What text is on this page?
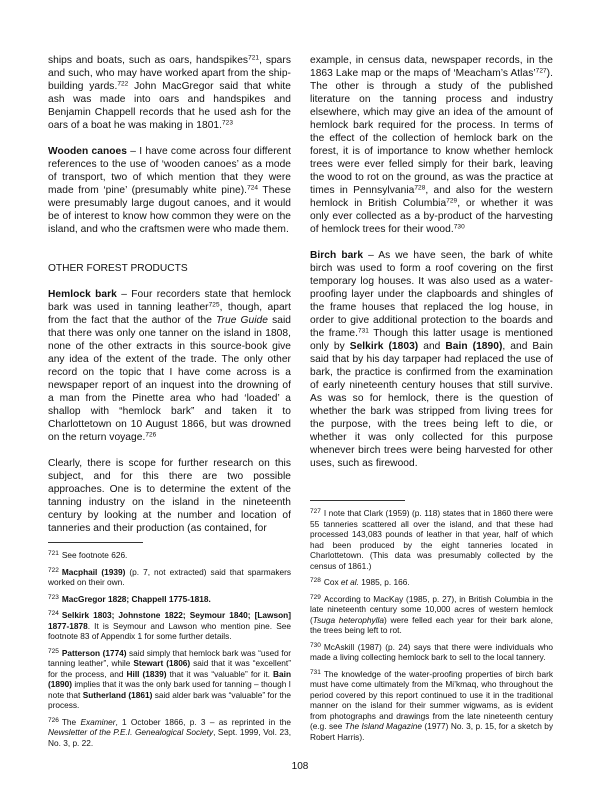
ships and boats, such as oars, handspikes$^{721}$, spars and such, who may have worked apart from the ship-building yards.$^{722}$ John MacGregor said that white ash was made into oars and handspikes and Benjamin Chappell records that he used ash for the oars of a boat he was making in 1801.$^{723}$

Wooden canoes – I have come across four different references to the use of ‘wooden canoes’ as a mode of transport, two of which mention that they were made from ‘pine’ (presumably white pine).$^{724}$ These were presumably large dugout canoes, and it would be of interest to know how common they were on the island, and who the craftsmen were who made them.

OTHER FOREST PRODUCTS

Hemlock bark – Four recorders state that hemlock bark was used in tanning leather$^{725}$, though, apart from the fact that the author of the True Guide said that there was only one tanner on the island in 1808, none of the other extracts in this source-book give any idea of the extent of the trade. The only other record on the topic that I have come across is a newspaper report of an inquest into the drowning of a man from the Pinette area who had ‘loaded’ a shallop with “hemlock bark” and taken it to Charlottetown on 10 August 1866, but was drowned on the return voyage.$^{726}$

Clearly, there is scope for further research on this subject, and for this there are two possible approaches. One is to determine the extent of the tanning industry on the island in the nineteenth century by looking at the number and location of tanneries and their production (as contained, for

$^{721}$ See footnote 626.

$^{722}$ Macphail (1939) (p. 7, not extracted) said that sparmakers worked on their own.

$^{723}$ MacGregor 1828; Chappell 1775-1818.

$^{724}$ Selkirk 1803; Johnstone 1822; Seymour 1840; [Lawson] 1877-1878. It is Seymour and Lawson who mention pine. See footnote 83 of Appendix 1 for some further details.

$^{725}$ Patterson (1774) said simply that hemlock bark was “used for tanning leather”, while Stewart (1806) said that it was “excellent” for the process, and Hill (1839) that it was “valuable” for it. Bain (1890) implies that it was the only bark used for tanning – though I note that Sutherland (1861) said alder bark was “valuable” for the process.

$^{726}$ The Examiner, 1 October 1866, p. 3 – as reprinted in the Newsletter of the P.E.I. Genealogical Society, Sept. 1999, Vol. 23, No. 3, p. 22.

example, in census data, newspaper records, in the 1863 Lake map or the maps of ‘Meacham’s Atlas’$^{727}$). The other is through a study of the published literature on the tanning process and industry elsewhere, which may give an idea of the amount of hemlock bark required for the process. In terms of the effect of the collection of hemlock bark on the forest, it is of importance to know whether hemlock trees were ever felled simply for their bark, leaving the wood to rot on the ground, as was the practice at times in Pennsylvania$^{728}$, and also for the western hemlock in British Columbia$^{729}$, or whether it was only ever collected as a by-product of the harvesting of hemlock trees for their wood.$^{730}$

Birch bark – As we have seen, the bark of white birch was used to form a roof covering on the first temporary log houses. It was also used as a water-proofing layer under the clapboards and shingles of the frame houses that replaced the log house, in order to give additional protection to the boards and the frame.$^{731}$ Though this latter usage is mentioned only by Selkirk (1803) and Bain (1890), and Bain said that by his day tarpaper had replaced the use of bark, the practice is confirmed from the examination of early nineteenth century houses that still survive. As was so for hemlock, there is the question of whether the bark was stripped from living trees for the purpose, with the trees being left to die, or whether it was only collected for this purpose whenever birch trees were being harvested for other uses, such as firewood.

$^{727}$ I note that Clark (1959) (p. 118) states that in 1860 there were 55 tanneries scattered all over the island, and that these had processed 143,083 pounds of leather in that year, half of which had been produced by the eight tanneries located in Charlottetown. (This data was presumably collected by the census of 1861.)

$^{728}$ Cox et al. 1985, p. 166.

$^{729}$ According to MacKay (1985, p. 27), in British Columbia in the late nineteenth century some 10,000 acres of western hemlock (Tsuga heterophylla) were felled each year for their bark alone, the trees being left to rot.

$^{730}$ McAskill (1987) (p. 24) says that there were individuals who made a living collecting hemlock bark to sell to the local tannery.

$^{731}$ The knowledge of the water-proofing properties of birch bark must have come ultimately from the Mi’kmaq, who throughout the period covered by this report continued to use it in the traditional manner on the island for their summer wigwams, as is evident from photographs and drawings from the late nineteenth century (e.g. see The Island Magazine (1977) No. 3, p. 15, for a sketch by Robert Harris).

108
